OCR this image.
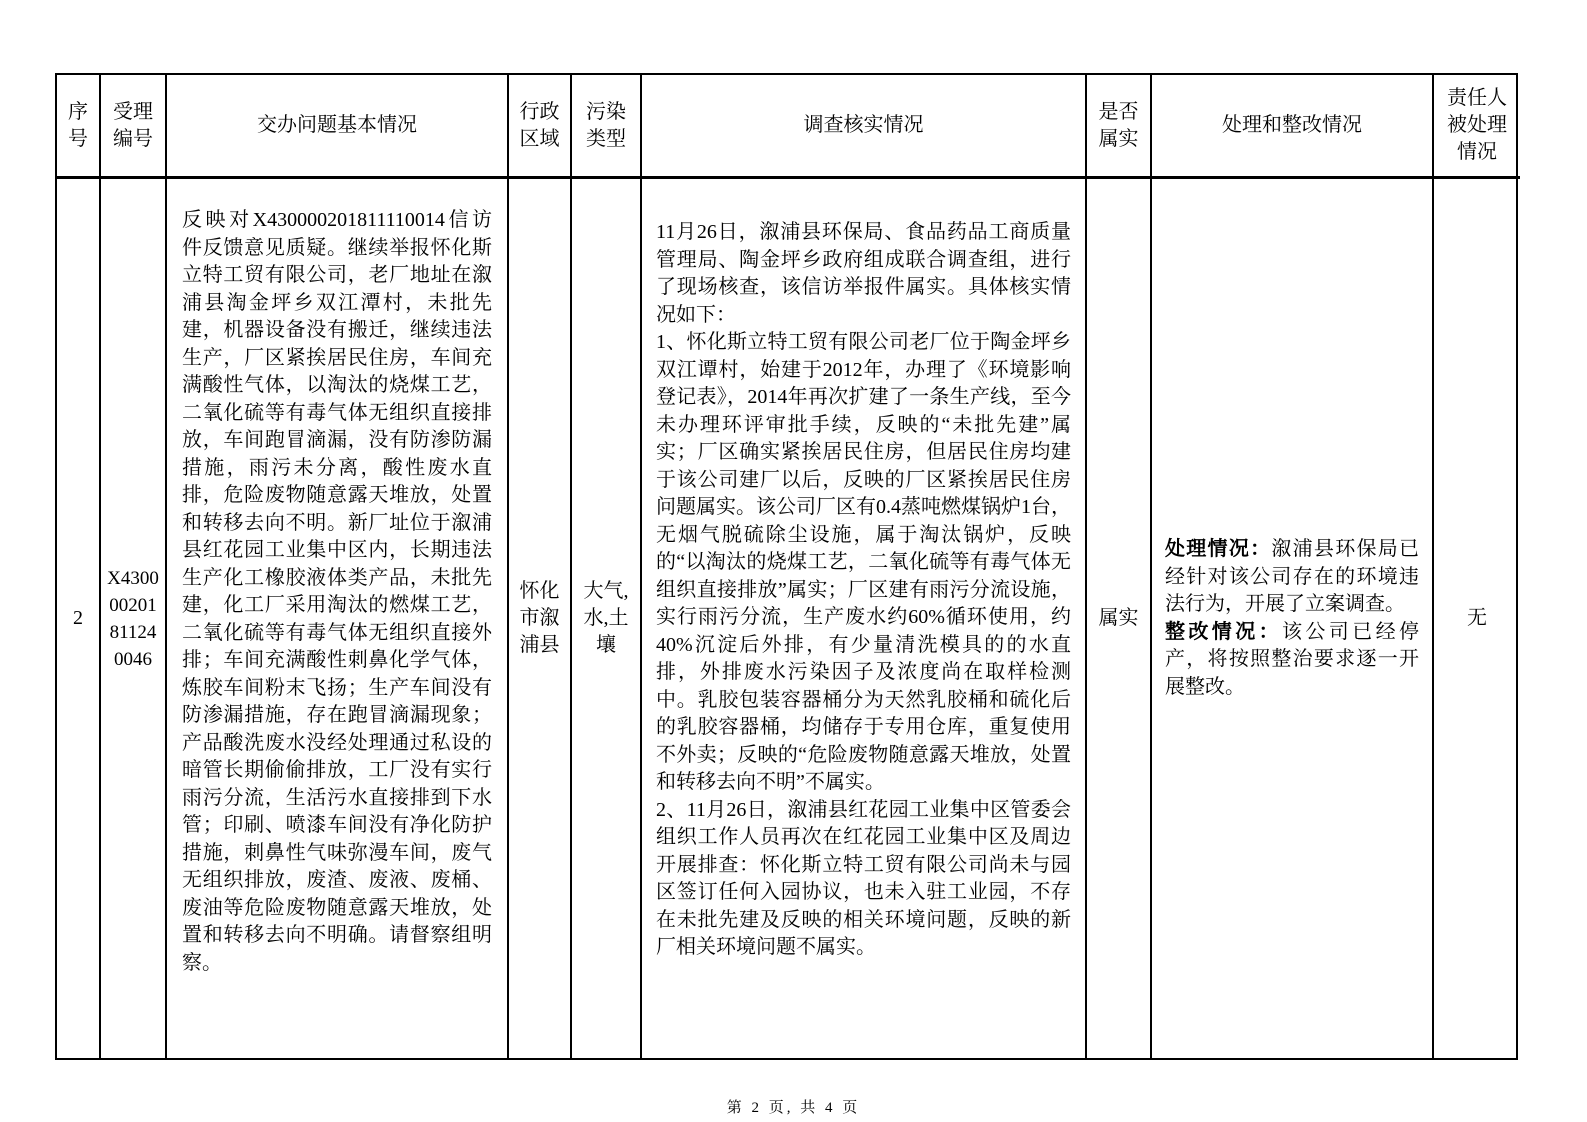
序号
受理编号
交办问题基本情况
行政区域
污染类型
调查核实情况
是否属实
处理和整改情况
责任人被处理情况
2
X430000201811240046

反映对X430000201811110014信访件反馈意见质疑。继续举报怀化斯立特工贸有限公司，老厂地址在溆浦县淘金坪乡双江潭村，未批先建，机器设备没有搬迁，继续违法生产，厂区紧挨居民住房，车间充满酸性气体，以淘汰的烧煤工艺，二氧化硫等有毒气体无组织直接排放，车间跑冒滴漏，没有防渗防漏措施，雨污未分离，酸性废水直排，危险废物随意露天堆放，处置和转移去向不明。新厂址位于溆浦县红花园工业集中区内，长期违法生产化工橡胶液体类产品，未批先建，化工厂采用淘汰的燃煤工艺，二氧化硫等有毒气体无组织直接外排；车间充满酸性刺鼻化学气体，炼胶车间粉末飞扬；生产车间没有防渗漏措施，存在跑冒滴漏现象；产品酸洗废水没经处理通过私设的暗管长期偷偷排放，工厂没有实行雨污分流，生活污水直接排到下水管；印刷、喷漆车间没有净化防护措施，刺鼻性气味弥漫车间，废气无组织排放，废渣、废液、废桶、废油等危险废物随意露天堆放，处置和转移去向不明确。请督察组明察。

怀化市溆浦县
大气,水,土壤

11月26日，溆浦县环保局、食品药品工商质量管理局、陶金坪乡政府组成联合调查组，进行了现场核查，该信访举报件属实。具体核实情况如下：

1、怀化斯立特工贸有限公司老厂位于陶金坪乡双江谭村，始建于2012年，办理了《环境影响登记表》，2014年再次扩建了一条生产线，至今未办理环评审批手续，反映的“未批先建”属实；厂区确实紧挨居民住房，但居民住房均建于该公司建厂以后，反映的厂区紧挨居民住房问题属实。该公司厂区有0.4蒸吨燃煤锅炉1台，无烟气脱硫除尘设施，属于淘汰锅炉，反映的“以淘汰的烧煤工艺，二氧化硫等有毒气体无组织直接排放”属实；厂区建有雨污分流设施，实行雨污分流，生产废水约60%循环使用，约40%沉淀后外排，有少量清洗模具的的水直排，外排废水污染因子及浓度尚在取样检测中。乳胶包装容器桶分为天然乳胶桶和硫化后的乳胶容器桶，均储存于专用仓库，重复使用不外卖；反映的“危险废物随意露天堆放，处置和转移去向不明”不属实。

2、11月26日，溆浦县红花园工业集中区管委会组织工作人员再次在红花园工业集中区及周边开展排查：怀化斯立特工贸有限公司尚未与园区签订任何入园协议，也未入驻工业园，不存在未批先建及反映的相关环境问题，反映的新厂相关环境问题不属实。

属实

处理情况：溆浦县环保局已经针对该公司存在的环境违法行为，开展了立案调查。

整改情况：该公司已经停产，将按照整治要求逐一开展整改。

无
第 2 页, 共 4 页
